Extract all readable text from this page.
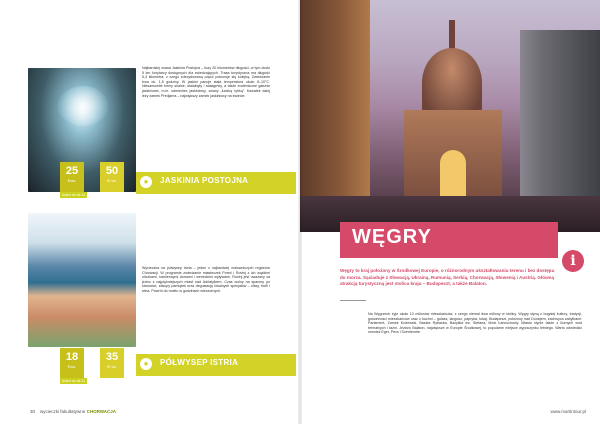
25
€/os.
50
€/ os.
dzieci do lat 11
●	JASKINIA POSTOJNA
Najbardziej znana Jaskinia Postojna – liczy 20 kilometrów długości, w tym około 5 km korytarzy dostępnych dla zwiedzających. Trasa turystyczna ma długość 5,3 kilometra, z czego zdecydowaną część pokonuje się kolejką. Zwiedzanie trwa ok. 1,5 godziny. W jaskini panuje stała temperatura około 8–10°C. Niesamowite formy skalne, stalaktyty i stalagmity, a także endemiczne gatunki jaskiniowe, m.in. odmieniec jaskiniowy, zwany „ludzką rybką”. Kawałek dalej leży zamek Predjama – największy zamek jaskiniowy na świecie.
18
€/os.
35
€/ os.
dzieci do lat 11
●	PÓŁWYSEP ISTRIA
Wycieczka na półwysep Istria – jeden z najbardziej malowniczych regionów Chorwacji. W programie zwiedzanie miasteczek Poreč i Rovinj z ich wąskimi uliczkami, kamiennymi domami i weneckimi wpływami. Rovinj jest uważany za jedno z najpiękniejszych miast nad Adriatykiem. Czas wolny na spacery po starówce, zakupy pamiątek oraz degustację lokalnych specjałów – oliwy, trufli i wina. Powrót do hotelu w godzinach wieczornych.
30 wycieczki fakultatywne CHORWACJA
WĘGRY
i
Węgry to kraj położony w Środkowej Europie, o różnorodnym ukształtowaniu terenu i bez dostępu do morza. Sąsiaduje z Słowacją, Ukrainą, Rumunią, Serbią, Chorwacją, Słowenią i Austrią. Główną atrakcją turystyczną jest stolica kraju – Budapeszt, a także Balaton.
Na Węgrzech żyje około 10 milionów mieszkańców, z czego niemal dwa miliony w stolicy. Węgry słyną z bogatej kultury, tradycji, gościnności mieszkańców oraz z kuchni – gulasz, langosz, papryka, tokaj. Budapeszt, położony nad Dunajem, zachwyca zabytkami: Parlament, Zamek Królewski, Baszta Rybacka, Bazylika św. Stefana, Most Łańcuchowy. Miasto słynie także z licznych wód termalnych i łaźni. Jezioro Balaton, największe w Europie Środkowej, to popularne miejsce wypoczynku letniego. Warto odwiedzić również Eger, Pécs i Szentendre.
www.martintour.pl
